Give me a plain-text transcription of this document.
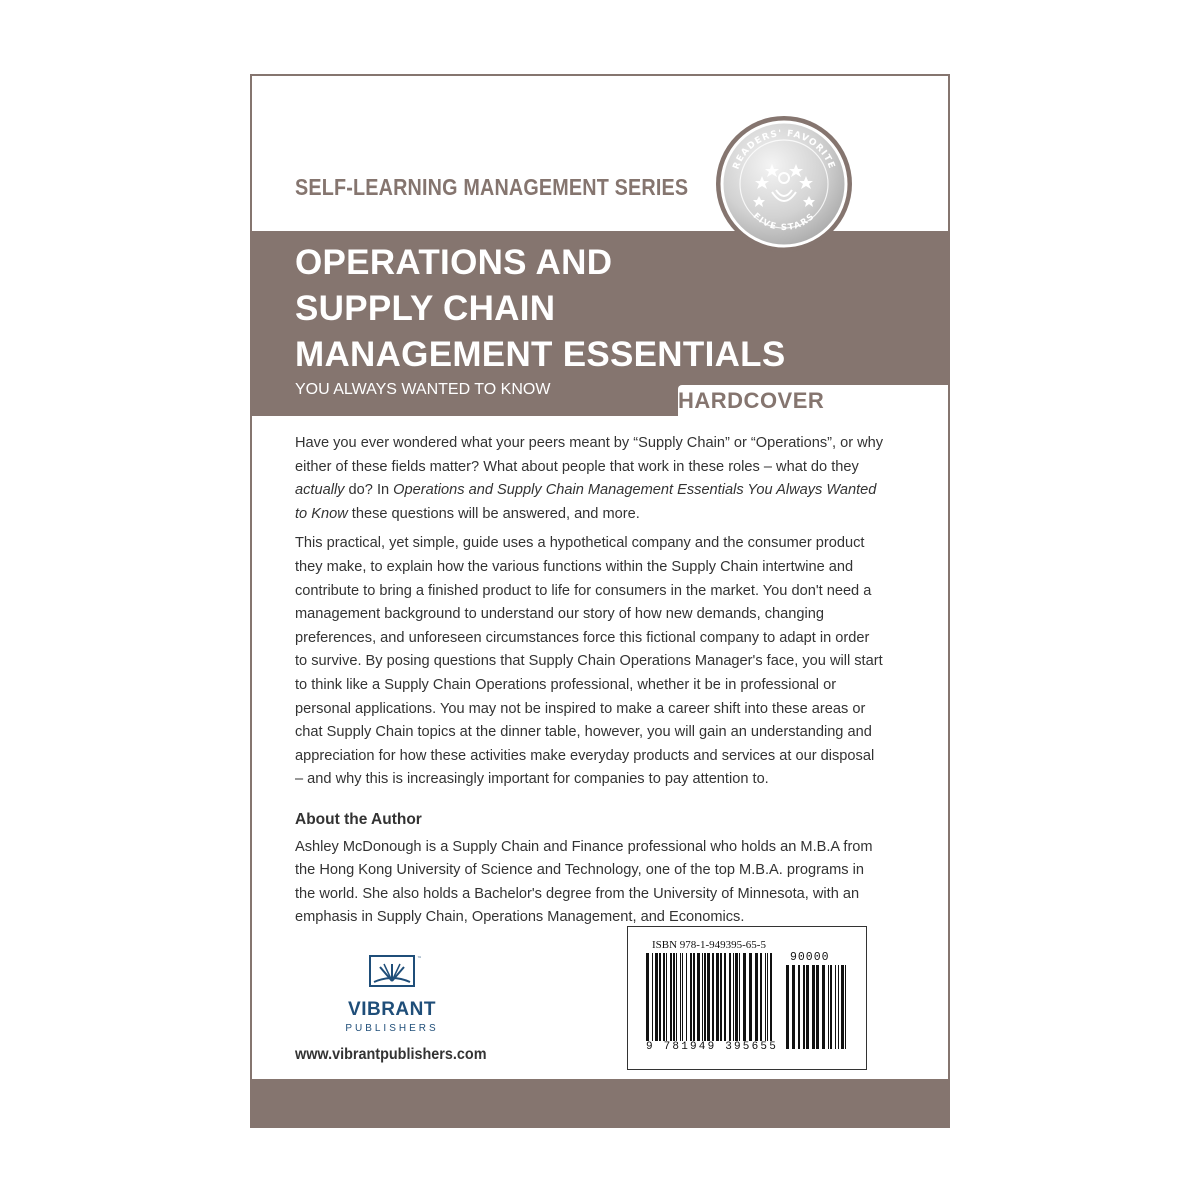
SELF-LEARNING MANAGEMENT SERIES
OPERATIONS AND
SUPPLY CHAIN
MANAGEMENT ESSENTIALS
YOU ALWAYS WANTED TO KNOW	HARDCOVER
READERS' FAVORITE
FIVE STARS

Have you ever wondered what your peers meant by “Supply Chain” or “Operations”, or why either of these fields matter? What about people that work in these roles – what do they actually do? In Operations and Supply Chain Management Essentials You Always Wanted to Know these questions will be answered, and more.

This practical, yet simple, guide uses a hypothetical company and the consumer product they make, to explain how the various functions within the Supply Chain intertwine and contribute to bring a finished product to life for consumers in the market. You don't need a management background to understand our story of how new demands, changing preferences, and unforeseen circumstances force this fictional company to adapt in order to survive. By posing questions that Supply Chain Operations Manager's face, you will start to think like a Supply Chain Operations professional, whether it be in professional or personal applications. You may not be inspired to make a career shift into these areas or chat Supply Chain topics at the dinner table, however, you will gain an understanding and appreciation for how these activities make everyday products and services at our disposal – and why this is increasingly important for companies to pay attention to.

About the Author

Ashley McDonough is a Supply Chain and Finance professional who holds an M.B.A from the Hong Kong University of Science and Technology, one of the top M.B.A. programs in the world. She also holds a Bachelor's degree from the University of Minnesota, with an emphasis in Supply Chain, Operations Management, and Economics.

™
VIBRANT
PUBLISHERS
www.vibrantpublishers.com
ISBN 978-1-949395-65-5
90000
9 781949 395655
